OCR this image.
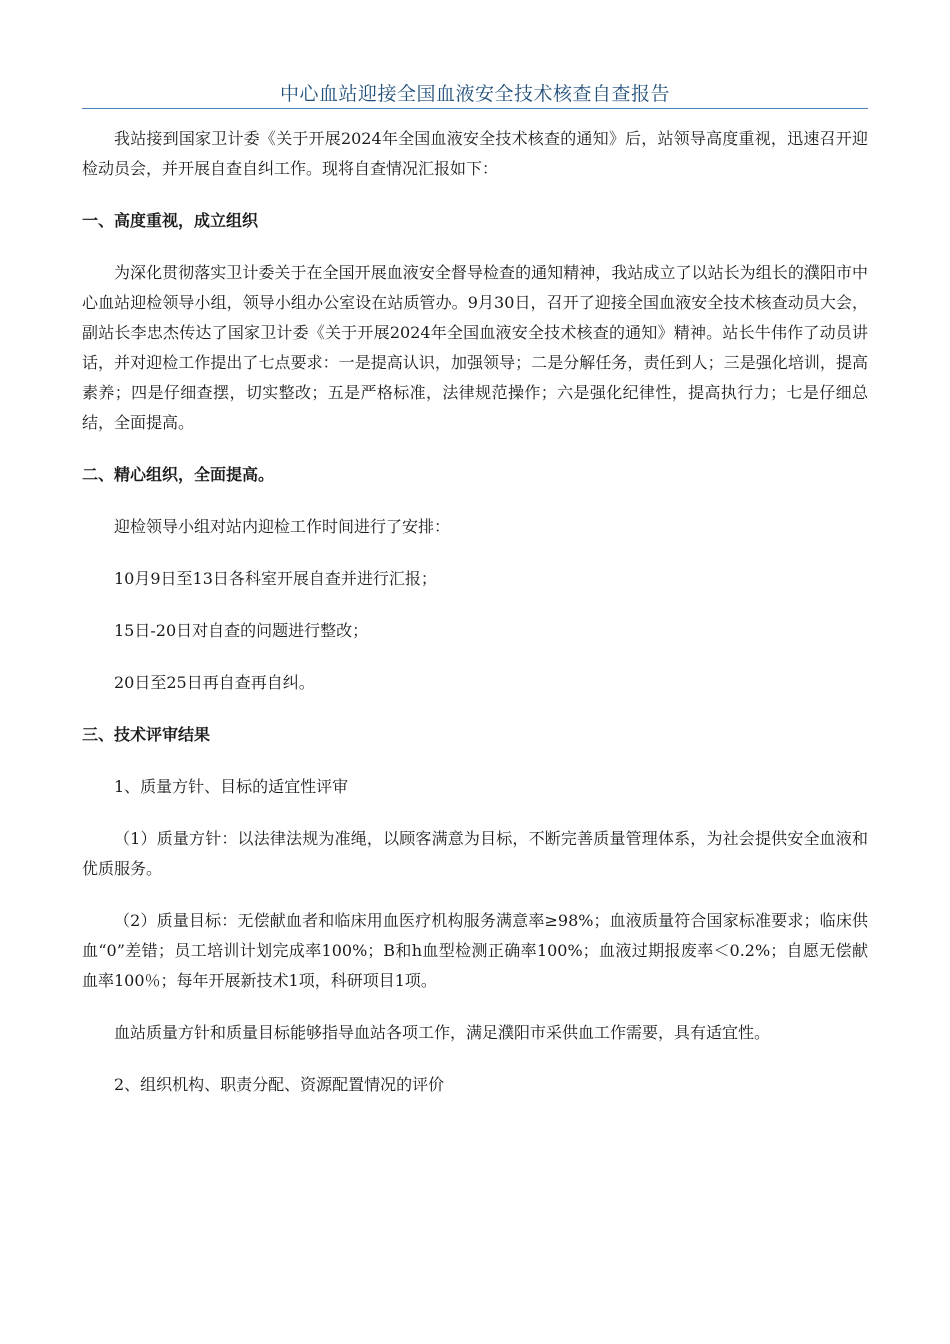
中心血站迎接全国血液安全技术核查自查报告

我站接到国家卫计委《关于开展2024年全国血液安全技术核查的通知》后，站领导高度重视，迅速召开迎检动员会，并开展自查自纠工作。现将自查情况汇报如下：

一、高度重视，成立组织

为深化贯彻落实卫计委关于在全国开展血液安全督导检查的通知精神，我站成立了以站长为组长的濮阳市中心血站迎检领导小组，领导小组办公室设在站质管办。9月30日，召开了迎接全国血液安全技术核查动员大会，副站长李忠杰传达了国家卫计委《关于开展2024年全国血液安全技术核查的通知》精神。站长牛伟作了动员讲话，并对迎检工作提出了七点要求：一是提高认识，加强领导；二是分解任务，责任到人；三是强化培训，提高素养；四是仔细查摆，切实整改；五是严格标准，法律规范操作；六是强化纪律性，提高执行力；七是仔细总结，全面提高。

二、精心组织，全面提高。

迎检领导小组对站内迎检工作时间进行了安排：

10月9日至13日各科室开展自查并进行汇报；

15日-20日对自查的问题进行整改；

20日至25日再自查再自纠。

三、技术评审结果

1、质量方针、目标的适宜性评审

（1）质量方针：以法律法规为准绳，以顾客满意为目标，不断完善质量管理体系，为社会提供安全血液和优质服务。

（2）质量目标：无偿献血者和临床用血医疗机构服务满意率≥98%；血液质量符合国家标准要求；临床供血“0”差错；员工培训计划完成率100%；B和h血型检测正确率100%；血液过期报废率＜0.2%；自愿无偿献血率100％；每年开展新技术1项，科研项目1项。

血站质量方针和质量目标能够指导血站各项工作，满足濮阳市采供血工作需要，具有适宜性。

2、组织机构、职责分配、资源配置情况的评价
